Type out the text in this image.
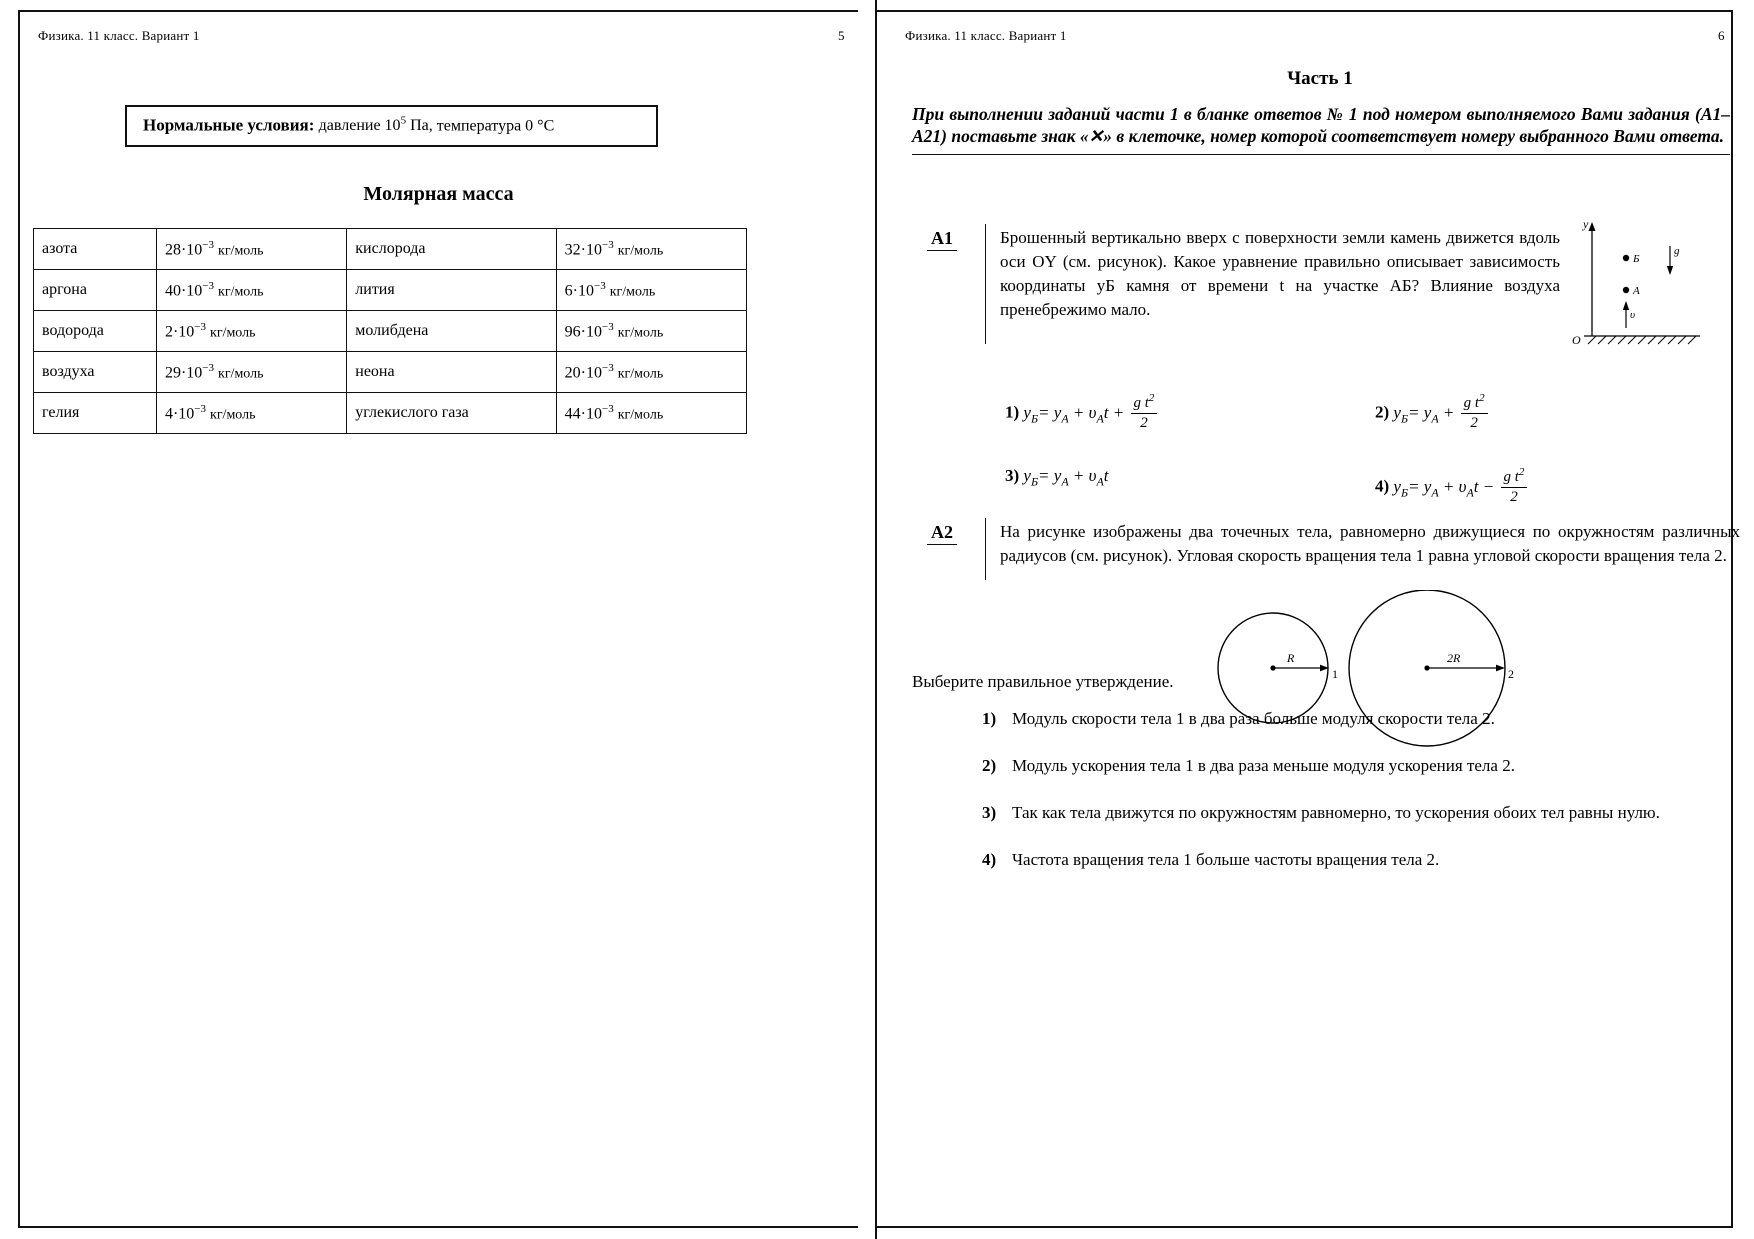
Физика. 11 класс. Вариант 1	5
Нормальные условия: давление $10^5$ Па, температура 0 °C
Молярная масса
азота	$28\cdot 10^{-3}$ кг/моль	кислорода	$32\cdot 10^{-3}$ кг/моль
аргона	$40\cdot 10^{-3}$ кг/моль	лития	$6\cdot 10^{-3}$ кг/моль
водорода	$2\cdot 10^{-3}$ кг/моль	молибдена	$96\cdot 10^{-3}$ кг/моль
воздуха	$29\cdot 10^{-3}$ кг/моль	неона	$20\cdot 10^{-3}$ кг/моль
гелия	$4\cdot 10^{-3}$ кг/моль	углекислого газа	$44\cdot 10^{-3}$ кг/моль
Физика. 11 класс. Вариант 1	6
Часть 1
При выполнении заданий части 1 в бланке ответов № 1 под номером выполняемого Вами задания (А1–А21) поставьте знак «✕» в клеточке, номер которой соответствует номеру выбранного Вами ответа.
A1	Брошенный вертикально вверх с поверхности земли камень движется вдоль оси OY (см. рисунок). Какое уравнение правильно описывает зависимость координаты yБ камня от времени t на участке АБ? Влияние воздуха пренебрежимо мало.
y
Б
A
g
υ
O
1) $y_Б= y_A + \upsilon_At + \frac{g t^2}{2}$	2) $y_Б= y_A + \frac{g t^2}{2}$
3) $y_Б= y_A + \upsilon_At$
4) $y_Б= y_A + \upsilon_At - \frac{g t^2}{2}$
A2	На рисунке изображены два точечных тела, равномерно движущиеся по окружностям различных радиусов (см. рисунок). Угловая скорость вращения тела 1 равна угловой скорости вращения тела 2.
R
1
2R
2
Выберите правильное утверждение.
1) Модуль скорости тела 1 в два раза больше модуля скорости тела 2.
2) Модуль ускорения тела 1 в два раза меньше модуля ускорения тела 2.
3) Так как тела движутся по окружностям равномерно, то ускорения обоих тел равны нулю.
4) Частота вращения тела 1 больше частоты вращения тела 2.
